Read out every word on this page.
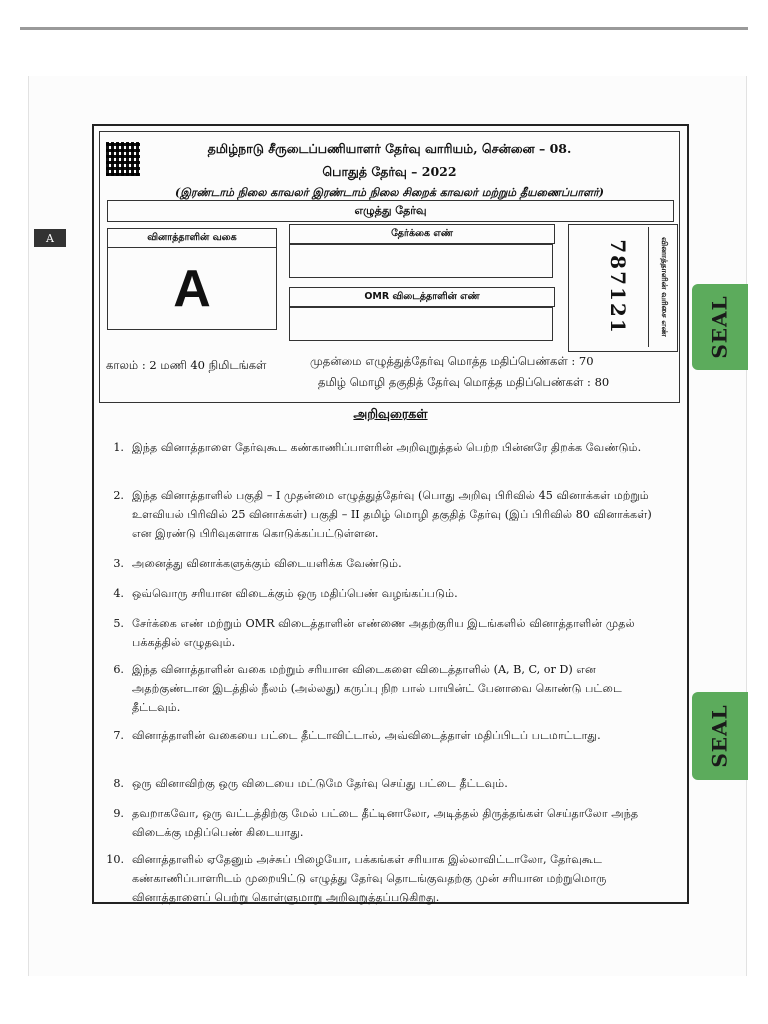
A
SEAL
SEAL
தமிழ்நாடு சீருடைப்பணியாளர் தேர்வு வாரியம், சென்னை – 08.
பொதுத் தேர்வு – 2022
(இரண்டாம் நிலை காவலர் இரண்டாம் நிலை சிறைக் காவலர் மற்றும் தீயணைப்பாளர்)
எழுத்து தேர்வு
வினாத்தாளின் வகை
A
தேர்க்கை எண்
OMR விடைத்தாளின் எண்	787121	வினாத்தாளின் வரிசை எண்
காலம் : 2 மணி 40 நிமிடங்கள்	முதன்மை எழுத்துத்தேர்வு மொத்த மதிப்பெண்கள் : 70
தமிழ் மொழி தகுதித் தேர்வு மொத்த மதிப்பெண்கள் : 80
அறிவுரைகள்
1. இந்த வினாத்தாளை தேர்வுகூட கண்காணிப்பாளரின் அறிவுறுத்தல் பெற்ற பின்னரே திறக்க வேண்டும்.
2. இந்த வினாத்தாளில் பகுதி – I முதன்மை எழுத்துத்தேர்வு (பொது அறிவு பிரிவில் 45 வினாக்கள் மற்றும் உளவியல் பிரிவில் 25 வினாக்கள்) பகுதி – II தமிழ் மொழி தகுதித் தேர்வு (இப் பிரிவில் 80 வினாக்கள்) என இரண்டு பிரிவுகளாக கொடுக்கப்பட்டுள்ளன.
3. அனைத்து வினாக்களுக்கும் விடையளிக்க வேண்டும்.
4. ஒவ்வொரு சரியான விடைக்கும் ஒரு மதிப்பெண் வழங்கப்படும்.
5. சேர்க்கை எண் மற்றும் OMR விடைத்தாளின் எண்ணை அதற்குரிய இடங்களில் வினாத்தாளின் முதல் பக்கத்தில் எழுதவும்.
6. இந்த வினாத்தாளின் வகை மற்றும் சரியான விடைகளை விடைத்தாளில் (A, B, C, or D) என அதற்குண்டான இடத்தில் நீலம் (அல்லது) கருப்பு நிற பால் பாயின்ட் பேனாவை கொண்டு பட்டை தீட்டவும்.
7. வினாத்தாளின் வகையை பட்டை தீட்டாவிட்டால், அவ்விடைத்தாள் மதிப்பிடப் படமாட்டாது.
8. ஒரு வினாவிற்கு ஒரு விடையை மட்டுமே தேர்வு செய்து பட்டை தீட்டவும்.
9. தவறாகவோ, ஒரு வட்டத்திற்கு மேல் பட்டை தீட்டினாலோ, அடித்தல் திருத்தங்கள் செய்தாலோ அந்த விடைக்கு மதிப்பெண் கிடையாது.
10. வினாத்தாளில் ஏதேனும் அச்சுப் பிழையோ, பக்கங்கள் சரியாக இல்லாவிட்டாலோ, தேர்வுகூட கண்காணிப்பாளரிடம் முறையிட்டு எழுத்து தேர்வு தொடங்குவதற்கு முன் சரியான மற்றுமொரு வினாத்தாளைப் பெற்று கொள்ளுமாறு அறிவுறுத்தப்படுகிறது.
